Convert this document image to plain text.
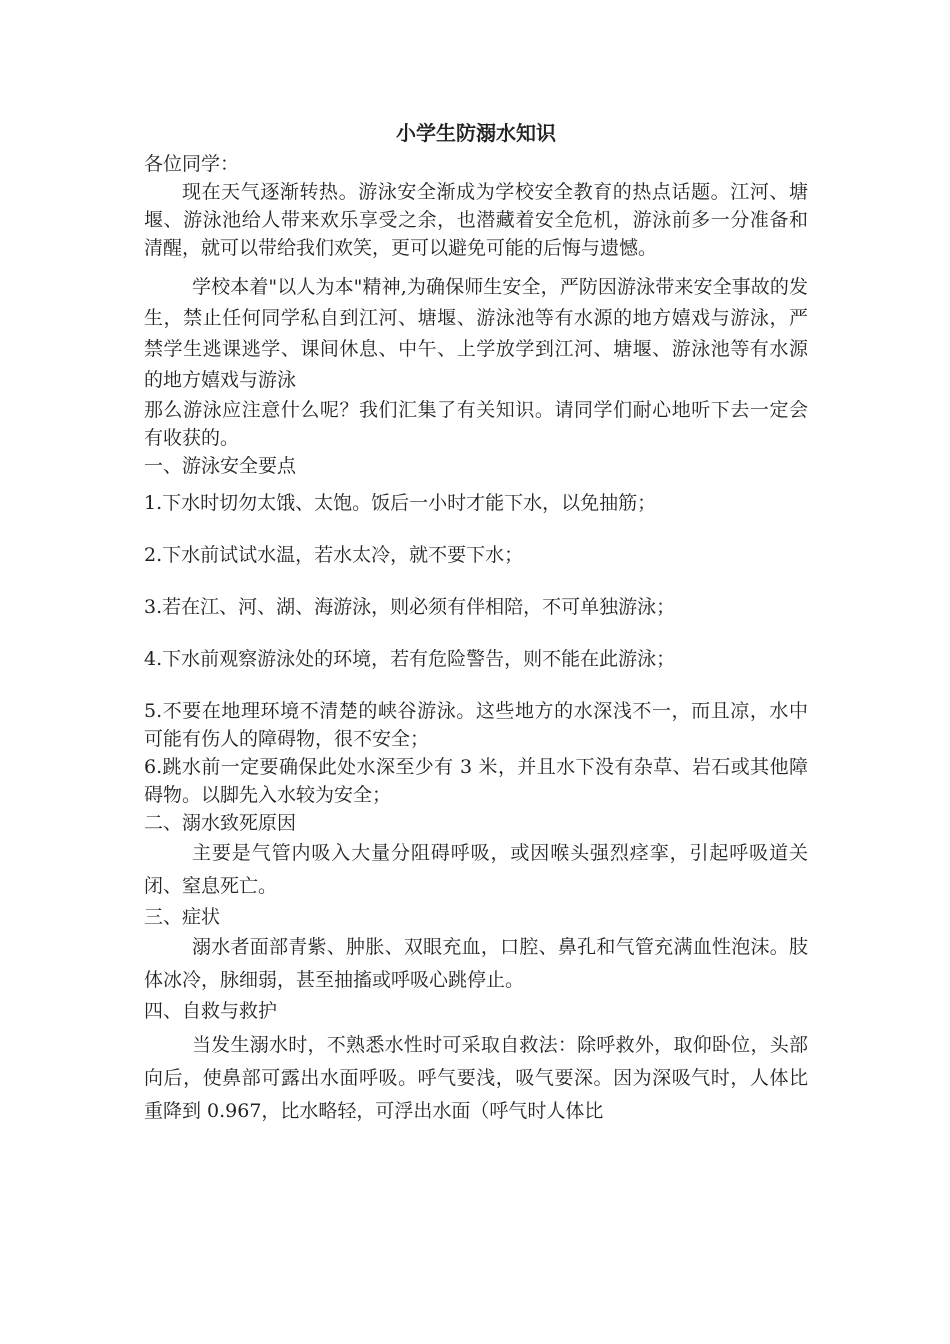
小学生防溺水知识

各位同学：

现在天气逐渐转热。游泳安全渐成为学校安全教育的热点话题。江河、塘堰、游泳池给人带来欢乐享受之余，也潜藏着安全危机，游泳前多一分准备和清醒，就可以带给我们欢笑，更可以避免可能的后悔与遗憾。

学校本着"以人为本"精神,为确保师生安全，严防因游泳带来安全事故的发生，禁止任何同学私自到江河、塘堰、游泳池等有水源的地方嬉戏与游泳，严禁学生逃课逃学、课间休息、中午、上学放学到江河、塘堰、游泳池等有水源的地方嬉戏与游泳

那么游泳应注意什么呢？我们汇集了有关知识。请同学们耐心地听下去一定会有收获的。

一、游泳安全要点

1.下水时切勿太饿、太饱。饭后一小时才能下水，以免抽筋；

2.下水前试试水温，若水太冷，就不要下水；

3.若在江、河、湖、海游泳，则必须有伴相陪，不可单独游泳；

4.下水前观察游泳处的环境，若有危险警告，则不能在此游泳；

5.不要在地理环境不清楚的峡谷游泳。这些地方的水深浅不一，而且凉，水中可能有伤人的障碍物，很不安全；

6.跳水前一定要确保此处水深至少有 3 米，并且水下没有杂草、岩石或其他障碍物。以脚先入水较为安全；

二、溺水致死原因

主要是气管内吸入大量分阻碍呼吸，或因喉头强烈痉挛，引起呼吸道关闭、窒息死亡。

三、症状

溺水者面部青紫、肿胀、双眼充血，口腔、鼻孔和气管充满血性泡沫。肢体冰冷，脉细弱，甚至抽搐或呼吸心跳停止。

四、自救与救护

当发生溺水时，不熟悉水性时可采取自救法：除呼救外，取仰卧位，头部向后，使鼻部可露出水面呼吸。呼气要浅，吸气要深。因为深吸气时，人体比重降到 0.967，比水略轻，可浮出水面（呼气时人体比
